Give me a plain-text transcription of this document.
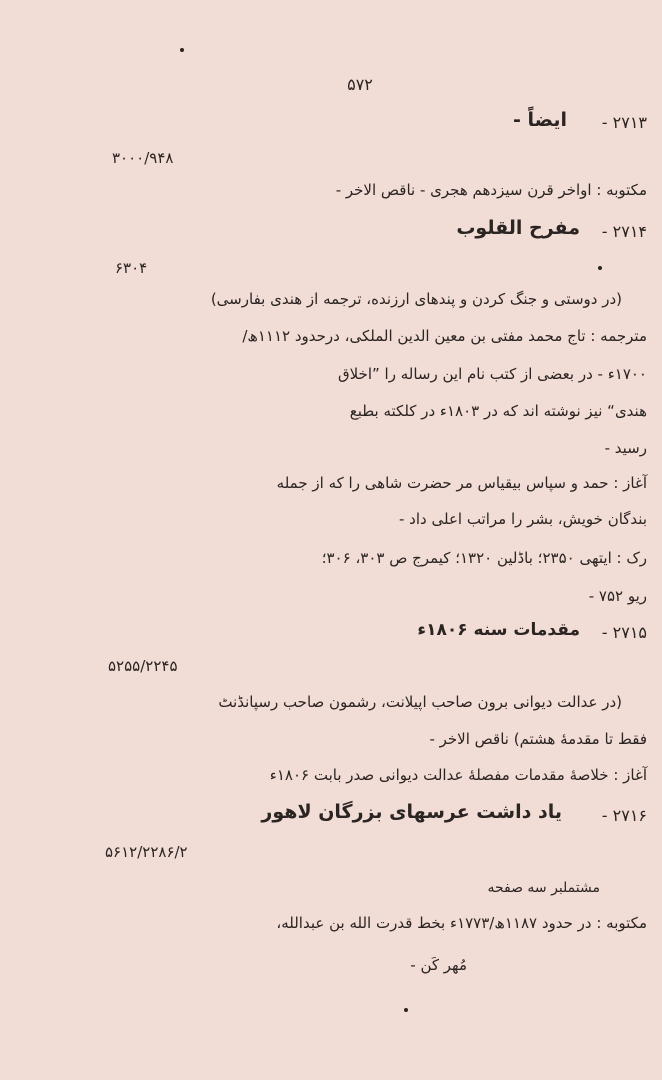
۵۷۲
ایضاً - ۲۷۱۳ -
۳۰۰۰/۹۴۸
مکتوبه : اواخر قرن سیزدهم هجری - ناقص الاخر -
مفرح القلوب ۲۷۱۴ -
۶۳۰۴
(در دوستی و جنگ کردن و پندهای ارزنده، ترجمه از هندی بفارسی)
مترجمه : تاج محمد مفتی بن معین الدین الملکی، درحدود ۱۱۱۲ھ/
۱۷۰۰ء - در بعضی از کتب نام این رساله را ”اخلاق
هندی“ نیز نوشته اند که در ۱۸۰۳ء در کلکته بطبع
رسید -
آغاز : حمد و سپاس بیقیاس مر حضرت شاهی را که از جمله
بندگان خویش، بشر را مراتب اعلی داد -
رک : ایتهی ۲۳۵۰؛ باڈلین ۱۳۲۰؛ کیمرج ص ۳۰۳، ۳۰۶؛
ریو ۷۵۲ -
مقدمات سنه ۱۸۰۶ء ۲۷۱۵ -
۵۲۵۵/۲۲۴۵
(در عدالت دیوانی برون صاحب اپیلانت، رشمون صاحب رسپانڈنٹ
فقط تا مقدمهٔ هشتم) ناقص الاخر -
آغاز : خلاصهٔ مقدمات مفصلهٔ عدالت دیوانی صدر بابت ۱۸۰۶ء
یاد داشت عرسهای بزرگان لاهور ۲۷۱۶ -
۵۶۱۲/۲۲۸۶/۲
مشتملبر سه صفحه
مکتوبه : در حدود ۱۱۸۷ھ/۱۷۷۳ء بخط قدرت الله بن عبدالله،
مُهر کَن -
